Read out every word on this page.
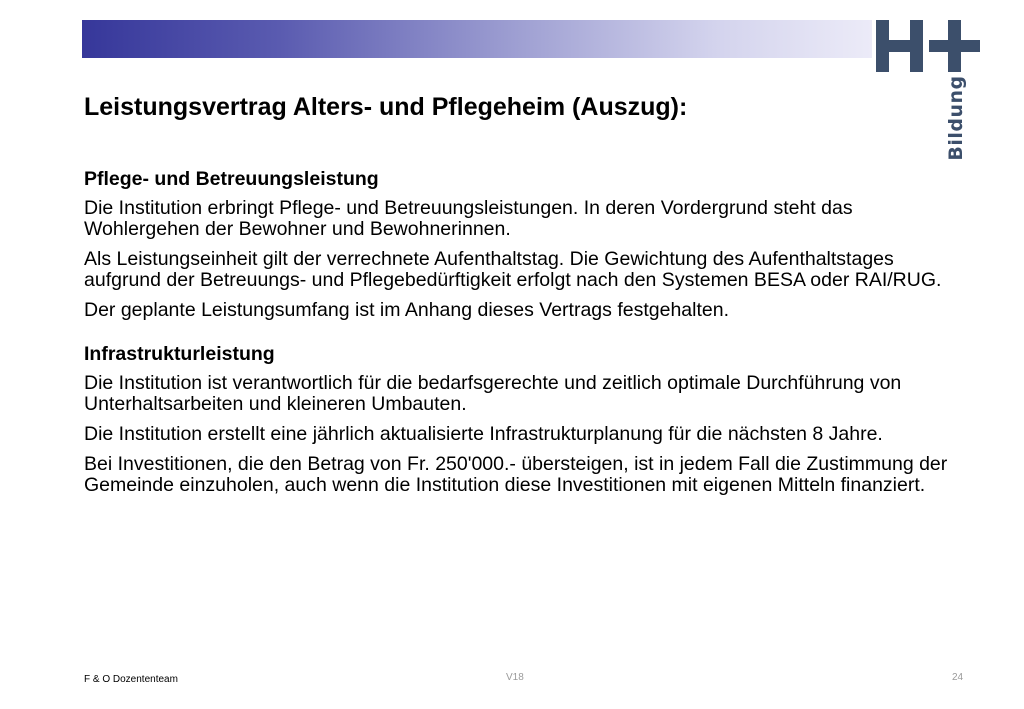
Bildung
Leistungsvertrag Alters- und Pflegeheim (Auszug):
Pflege- und Betreuungsleistung

Die Institution erbringt Pflege- und Betreuungsleistungen. In deren Vordergrund steht das Wohlergehen der Bewohner und Bewohnerinnen.

Als Leistungseinheit gilt der verrechnete Aufenthaltstag. Die Gewichtung des Aufenthaltstages aufgrund der Betreuungs- und Pflegebedürftigkeit erfolgt nach den Systemen BESA oder RAI/RUG.

Der geplante Leistungsumfang ist im Anhang dieses Vertrags festgehalten.

Infrastrukturleistung

Die Institution ist verantwortlich für die bedarfsgerechte und zeitlich optimale Durchführung von Unterhaltsarbeiten und kleineren Umbauten.

Die Institution erstellt eine jährlich aktualisierte Infrastrukturplanung für die nächsten 8 Jahre.

Bei Investitionen, die den Betrag von Fr. 250'000.- übersteigen, ist in jedem Fall die Zustimmung der Gemeinde einzuholen, auch wenn die Institution diese Investitionen mit eigenen Mitteln finanziert.

F & O Dozententeam	V18	24
